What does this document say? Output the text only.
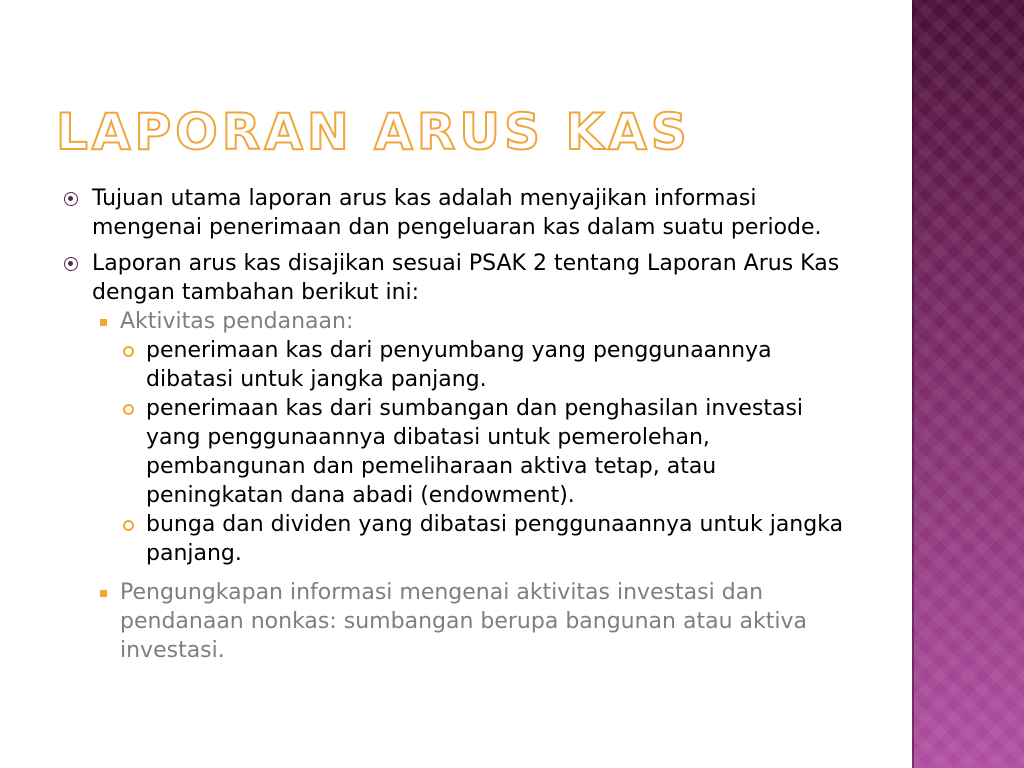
LAPORAN ARUS KAS
Tujuan utama laporan arus kas adalah menyajikan informasi mengenai penerimaan dan pengeluaran kas dalam suatu periode.
Laporan arus kas disajikan sesuai PSAK 2 tentang Laporan Arus Kas dengan tambahan berikut ini:
Aktivitas pendanaan:
penerimaan kas dari penyumbang yang penggunaannya dibatasi untuk jangka panjang.
penerimaan kas dari sumbangan dan penghasilan investasi yang penggunaannya dibatasi untuk pemerolehan, pembangunan dan pemeliharaan aktiva tetap, atau peningkatan dana abadi (endowment).
bunga dan dividen yang dibatasi penggunaannya untuk jangka panjang.
Pengungkapan informasi mengenai aktivitas investasi dan pendanaan nonkas: sumbangan berupa bangunan atau aktiva investasi.
